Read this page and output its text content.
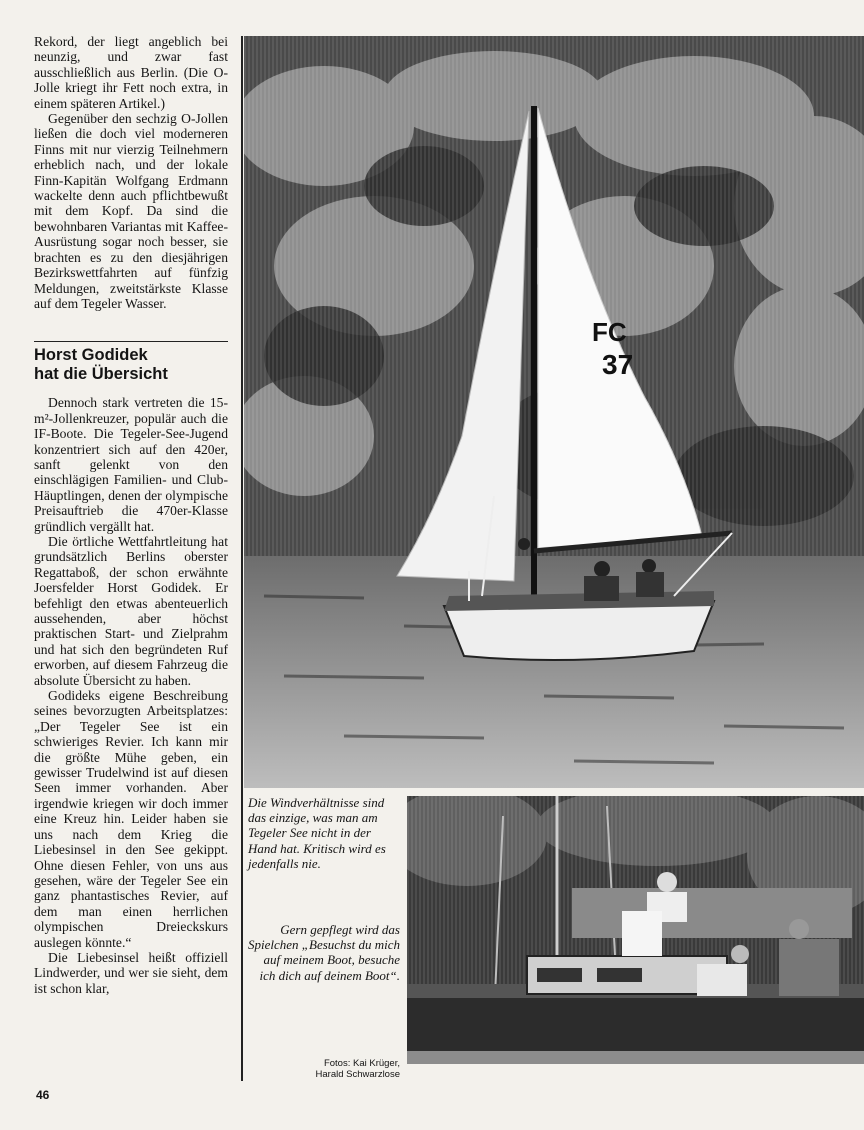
Rekord, der liegt angeblich bei neunzig, und zwar fast ausschließlich aus Berlin. (Die O-Jolle kriegt ihr Fett noch extra, in einem späteren Artikel.)

Gegenüber den sechzig O-Jollen ließen die doch viel moderneren Finns mit nur vierzig Teilnehmern erheblich nach, und der lokale Finn-Kapitän Wolfgang Erdmann wackelte denn auch pflichtbewußt mit dem Kopf. Da sind die bewohnbaren Variantas mit Kaffee-Ausrüstung sogar noch besser, sie brachten es zu den diesjährigen Bezirkswettfahrten auf fünfzig Meldungen, zweitstärkste Klasse auf dem Tegeler Wasser.

Horst Godidek
hat die Übersicht

Dennoch stark vertreten die 15-m²-Jollenkreuzer, populär auch die IF-Boote. Die Tegeler-See-Jugend konzentriert sich auf den 420er, sanft gelenkt von den einschlägigen Familien- und Club-Häuptlingen, denen der olympische Preisauftrieb die 470er-Klasse gründlich vergällt hat.

Die örtliche Wettfahrtleitung hat grundsätzlich Berlins oberster Regattaboß, der schon erwähnte Joersfelder Horst Godidek. Er befehligt den etwas abenteuerlich aussehenden, aber höchst praktischen Start- und Zielprahm und hat sich den begründeten Ruf erworben, auf diesem Fahrzeug die absolute Übersicht zu haben.

Godideks eigene Beschreibung seines bevorzugten Arbeitsplatzes: „Der Tegeler See ist ein schwieriges Revier. Ich kann mir die größte Mühe geben, ein gewisser Trudelwind ist auf diesen Seen immer vorhanden. Aber irgendwie kriegen wir doch immer eine Kreuz hin. Leider haben sie uns nach dem Krieg die Liebesinsel in den See gekippt. Ohne diesen Fehler, von uns aus gesehen, wäre der Tegeler See ein ganz phantastisches Revier, auf dem man einen herrlichen olympischen Dreieckskurs auslegen könnte.“

Die Liebesinsel heißt offiziell Lindwerder, und wer sie sieht, dem ist schon klar,

FC
37
Die Windverhältnisse sind das einzige, was man am Tegeler See nicht in der Hand hat. Kritisch wird es jedenfalls nie.
Gern gepflegt wird das Spielchen „Besuchst du mich auf meinem Boot, besuche ich dich auf deinem Boot“.
Fotos: Kai Krüger,
Harald Schwarzlose
46
